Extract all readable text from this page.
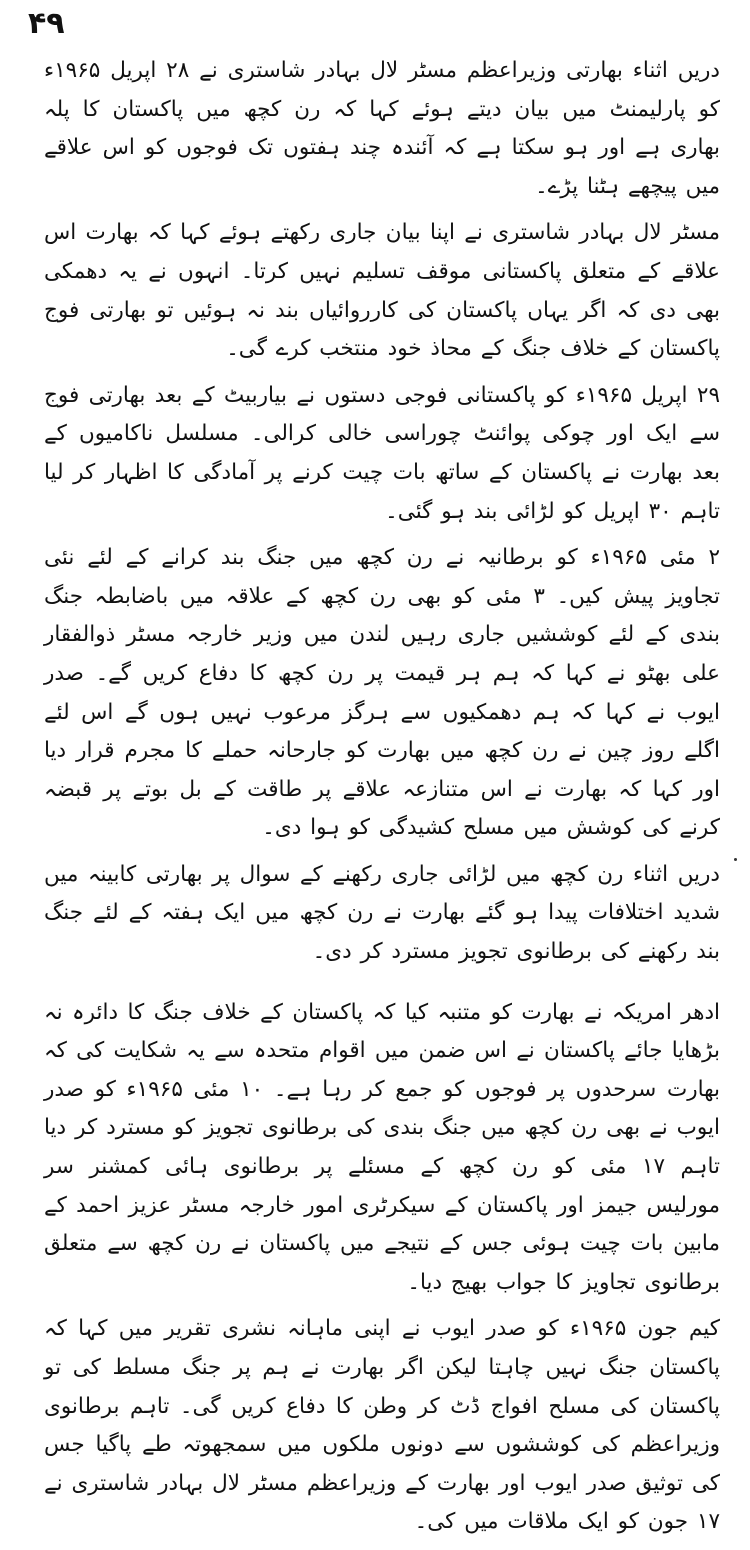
۴۹

دریں اثناء بھارتی وزیراعظم مسٹر لال بہادر شاستری نے ۲۸ اپریل ۱۹۶۵ء کو پارلیمنٹ میں بیان دیتے ہوئے کہا کہ رن کچھ میں پاکستان کا پلہ بھاری ہے اور ہو سکتا ہے کہ آئندہ چند ہفتوں تک فوجوں کو اس علاقے میں پیچھے ہٹنا پڑے۔

مسٹر لال بہادر شاستری نے اپنا بیان جاری رکھتے ہوئے کہا کہ بھارت اس علاقے کے متعلق پاکستانی موقف تسلیم نہیں کرتا۔ انہوں نے یہ دھمکی بھی دی کہ اگر یہاں پاکستان کی کارروائیاں بند نہ ہوئیں تو بھارتی فوج پاکستان کے خلاف جنگ کے محاذ خود منتخب کرے گی۔

۲۹ اپریل ۱۹۶۵ء کو پاکستانی فوجی دستوں نے بیاربیٹ کے بعد بھارتی فوج سے ایک اور چوکی پوائنٹ چوراسی خالی کرالی۔ مسلسل ناکامیوں کے بعد بھارت نے پاکستان کے ساتھ بات چیت کرنے پر آمادگی کا اظہار کر لیا تاہم ۳۰ اپریل کو لڑائی بند ہو گئی۔

۲ مئی ۱۹۶۵ء کو برطانیہ نے رن کچھ میں جنگ بند کرانے کے لئے نئی تجاویز پیش کیں۔ ۳ مئی کو بھی رن کچھ کے علاقہ میں باضابطہ جنگ بندی کے لئے کوششیں جاری رہیں لندن میں وزیر خارجہ مسٹر ذوالفقار علی بھٹو نے کہا کہ ہم ہر قیمت پر رن کچھ کا دفاع کریں گے۔ صدر ایوب نے کہا کہ ہم دھمکیوں سے ہرگز مرعوب نہیں ہوں گے اس لئے اگلے روز چین نے رن کچھ میں بھارت کو جارحانہ حملے کا مجرم قرار دیا اور کہا کہ بھارت نے اس متنازعہ علاقے پر طاقت کے بل بوتے پر قبضہ کرنے کی کوشش میں مسلح کشیدگی کو ہوا دی۔

دریں اثناء رن کچھ میں لڑائی جاری رکھنے کے سوال پر بھارتی کابینہ میں شدید اختلافات پیدا ہو گئے بھارت نے رن کچھ میں ایک ہفتہ کے لئے جنگ بند رکھنے کی برطانوی تجویز مسترد کر دی۔

ادھر امریکہ نے بھارت کو متنبہ کیا کہ پاکستان کے خلاف جنگ کا دائرہ نہ بڑھایا جائے پاکستان نے اس ضمن میں اقوام متحدہ سے یہ شکایت کی کہ بھارت سرحدوں پر فوجوں کو جمع کر رہا ہے۔ ۱۰ مئی ۱۹۶۵ء کو صدر ایوب نے بھی رن کچھ میں جنگ بندی کی برطانوی تجویز کو مسترد کر دیا تاہم ۱۷ مئی کو رن کچھ کے مسئلے پر برطانوی ہائی کمشنر سر مورلیس جیمز اور پاکستان کے سیکرٹری امور خارجہ مسٹر عزیز احمد کے مابین بات چیت ہوئی جس کے نتیجے میں پاکستان نے رن کچھ سے متعلق برطانوی تجاویز کا جواب بھیج دیا۔

کیم جون ۱۹۶۵ء کو صدر ایوب نے اپنی ماہانہ نشری تقریر میں کہا کہ پاکستان جنگ نہیں چاہتا لیکن اگر بھارت نے ہم پر جنگ مسلط کی تو پاکستان کی مسلح افواج ڈٹ کر وطن کا دفاع کریں گی۔ تاہم برطانوی وزیراعظم کی کوششوں سے دونوں ملکوں میں سمجھوتہ طے پاگیا جس کی توثیق صدر ایوب اور بھارت کے وزیراعظم مسٹر لال بہادر شاستری نے ۱۷ جون کو ایک ملاقات میں کی۔
